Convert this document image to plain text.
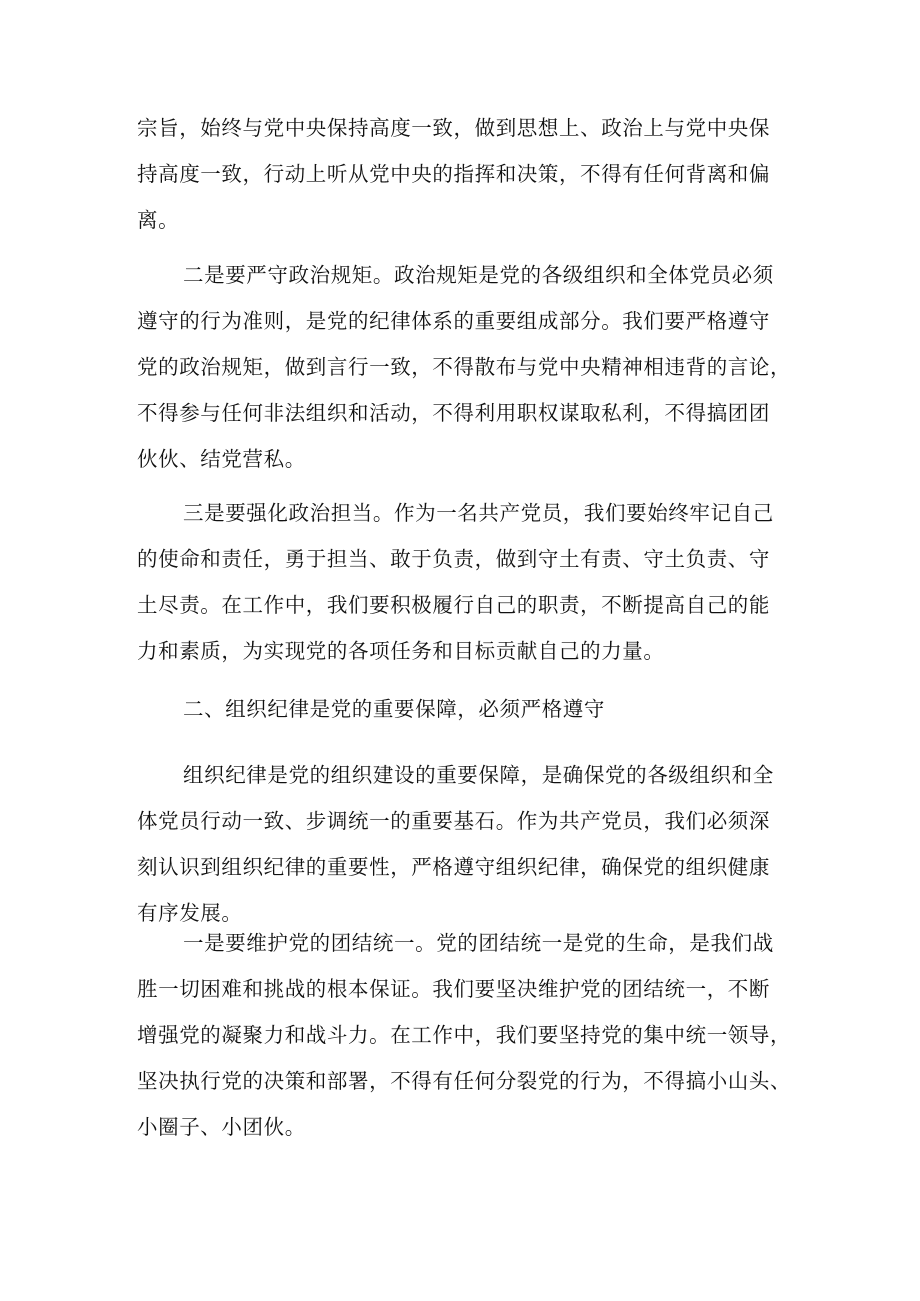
宗旨，始终与党中央保持高度一致，做到思想上、政治上与党中央保
持高度一致，行动上听从党中央的指挥和决策，不得有任何背离和偏
离。
二是要严守政治规矩。政治规矩是党的各级组织和全体党员必须
遵守的行为准则，是党的纪律体系的重要组成部分。我们要严格遵守
党的政治规矩，做到言行一致，不得散布与党中央精神相违背的言论，
不得参与任何非法组织和活动，不得利用职权谋取私利，不得搞团团
伙伙、结党营私。
三是要强化政治担当。作为一名共产党员，我们要始终牢记自己
的使命和责任，勇于担当、敢于负责，做到守土有责、守土负责、守
土尽责。在工作中，我们要积极履行自己的职责，不断提高自己的能
力和素质，为实现党的各项任务和目标贡献自己的力量。
二、组织纪律是党的重要保障，必须严格遵守
组织纪律是党的组织建设的重要保障，是确保党的各级组织和全
体党员行动一致、步调统一的重要基石。作为共产党员，我们必须深
刻认识到组织纪律的重要性，严格遵守组织纪律，确保党的组织健康
有序发展。
一是要维护党的团结统一。党的团结统一是党的生命，是我们战
胜一切困难和挑战的根本保证。我们要坚决维护党的团结统一，不断
增强党的凝聚力和战斗力。在工作中，我们要坚持党的集中统一领导，
坚决执行党的决策和部署，不得有任何分裂党的行为，不得搞小山头、
小圈子、小团伙。
